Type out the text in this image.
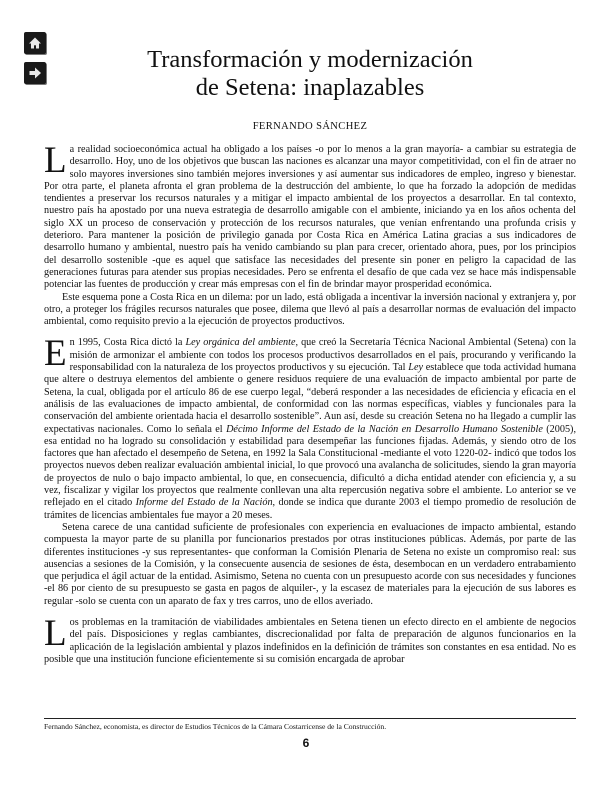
Transformación y modernización
de Setena: inaplazables
FERNANDO SÁNCHEZ

La realidad socioeconómica actual ha obligado a los países -o por lo menos a la gran mayoría- a cambiar su estrategia de desarrollo. Hoy, uno de los objetivos que buscan las naciones es alcanzar una mayor competitividad, con el fin de atraer no solo mayores inversiones sino también mejores inversiones y así aumentar sus indicadores de empleo, ingreso y bienestar. Por otra parte, el planeta afronta el gran problema de la destrucción del ambiente, lo que ha forzado la adopción de medidas tendientes a preservar los recursos naturales y a mitigar el impacto ambiental de los proyectos a desarrollar. En tal contexto, nuestro país ha apostado por una nueva estrategia de desarrollo amigable con el ambiente, iniciando ya en los años ochenta del siglo XX un proceso de conservación y protección de los recursos naturales, que venían enfrentando una profunda crisis y deterioro. Para mantener la posición de privilegio ganada por Costa Rica en América Latina gracias a sus indicadores de desarrollo humano y ambiental, nuestro país ha venido cambiando su plan para crecer, orientado ahora, pues, por los principios del desarrollo sostenible -que es aquel que satisface las necesidades del presente sin poner en peligro la capacidad de las generaciones futuras para atender sus propias necesidades. Pero se enfrenta el desafío de que cada vez se hace más indispensable potenciar las fuentes de producción y crear más empresas con el fin de brindar mayor prosperidad económica.

Este esquema pone a Costa Rica en un dilema: por un lado, está obligada a incentivar la inversión nacional y extranjera y, por otro, a proteger los frágiles recursos naturales que posee, dilema que llevó al país a desarrollar normas de evaluación del impacto ambiental, como requisito previo a la ejecución de proyectos productivos.

En 1995, Costa Rica dictó la Ley orgánica del ambiente, que creó la Secretaría Técnica Nacional Ambiental (Setena) con la misión de armonizar el ambiente con todos los procesos productivos desarrollados en el país, procurando y verificando la responsabilidad con la naturaleza de los proyectos productivos y su ejecución. Tal Ley establece que toda actividad humana que altere o destruya elementos del ambiente o genere residuos requiere de una evaluación de impacto ambiental por parte de Setena, la cual, obligada por el artículo 86 de ese cuerpo legal, “deberá responder a las necesidades de eficiencia y eficacia en el análisis de las evaluaciones de impacto ambiental, de conformidad con las normas específicas, viables y funcionales para la conservación del ambiente orientada hacia el desarrollo sostenible”. Aun así, desde su creación Setena no ha llegado a cumplir las expectativas nacionales. Como lo señala el Décimo Informe del Estado de la Nación en Desarrollo Humano Sostenible (2005), esa entidad no ha logrado su consolidación y estabilidad para desempeñar las funciones fijadas. Además, y siendo otro de los factores que han afectado el desempeño de Setena, en 1992 la Sala Constitucional -mediante el voto 1220-02- indicó que todos los proyectos nuevos deben realizar evaluación ambiental inicial, lo que provocó una avalancha de solicitudes, siendo la gran mayoría de proyectos de nulo o bajo impacto ambiental, lo que, en consecuencia, dificultó a dicha entidad atender con eficiencia y, a su vez, fiscalizar y vigilar los proyectos que realmente conllevan una alta repercusión negativa sobre el ambiente. Lo anterior se ve reflejado en el citado Informe del Estado de la Nación, donde se indica que durante 2003 el tiempo promedio de resolución de trámites de licencias ambientales fue mayor a 20 meses.

Setena carece de una cantidad suficiente de profesionales con experiencia en evaluaciones de impacto ambiental, estando compuesta la mayor parte de su planilla por funcionarios prestados por otras instituciones públicas. Además, por parte de las diferentes instituciones -y sus representantes- que conforman la Comisión Plenaria de Setena no existe un compromiso real: sus ausencias a sesiones de la Comisión, y la consecuente ausencia de sesiones de ésta, desembocan en un verdadero entrabamiento que perjudica el ágil actuar de la entidad. Asimismo, Setena no cuenta con un presupuesto acorde con sus necesidades y funciones -el 86 por ciento de su presupuesto se gasta en pagos de alquiler-, y la escasez de materiales para la ejecución de sus labores es regular -solo se cuenta con un aparato de fax y tres carros, uno de ellos averiado.

Los problemas en la tramitación de viabilidades ambientales en Setena tienen un efecto directo en el ambiente de negocios del país. Disposiciones y reglas cambiantes, discrecionalidad por falta de preparación de algunos funcionarios en la aplicación de la legislación ambiental y plazos indefinidos en la definición de trámites son constantes en esa entidad. No es posible que una institución funcione eficientemente si su comisión encargada de aprobar

Fernando Sánchez, economista, es director de Estudios Técnicos de la Cámara Costarricense de la Construcción.
6
